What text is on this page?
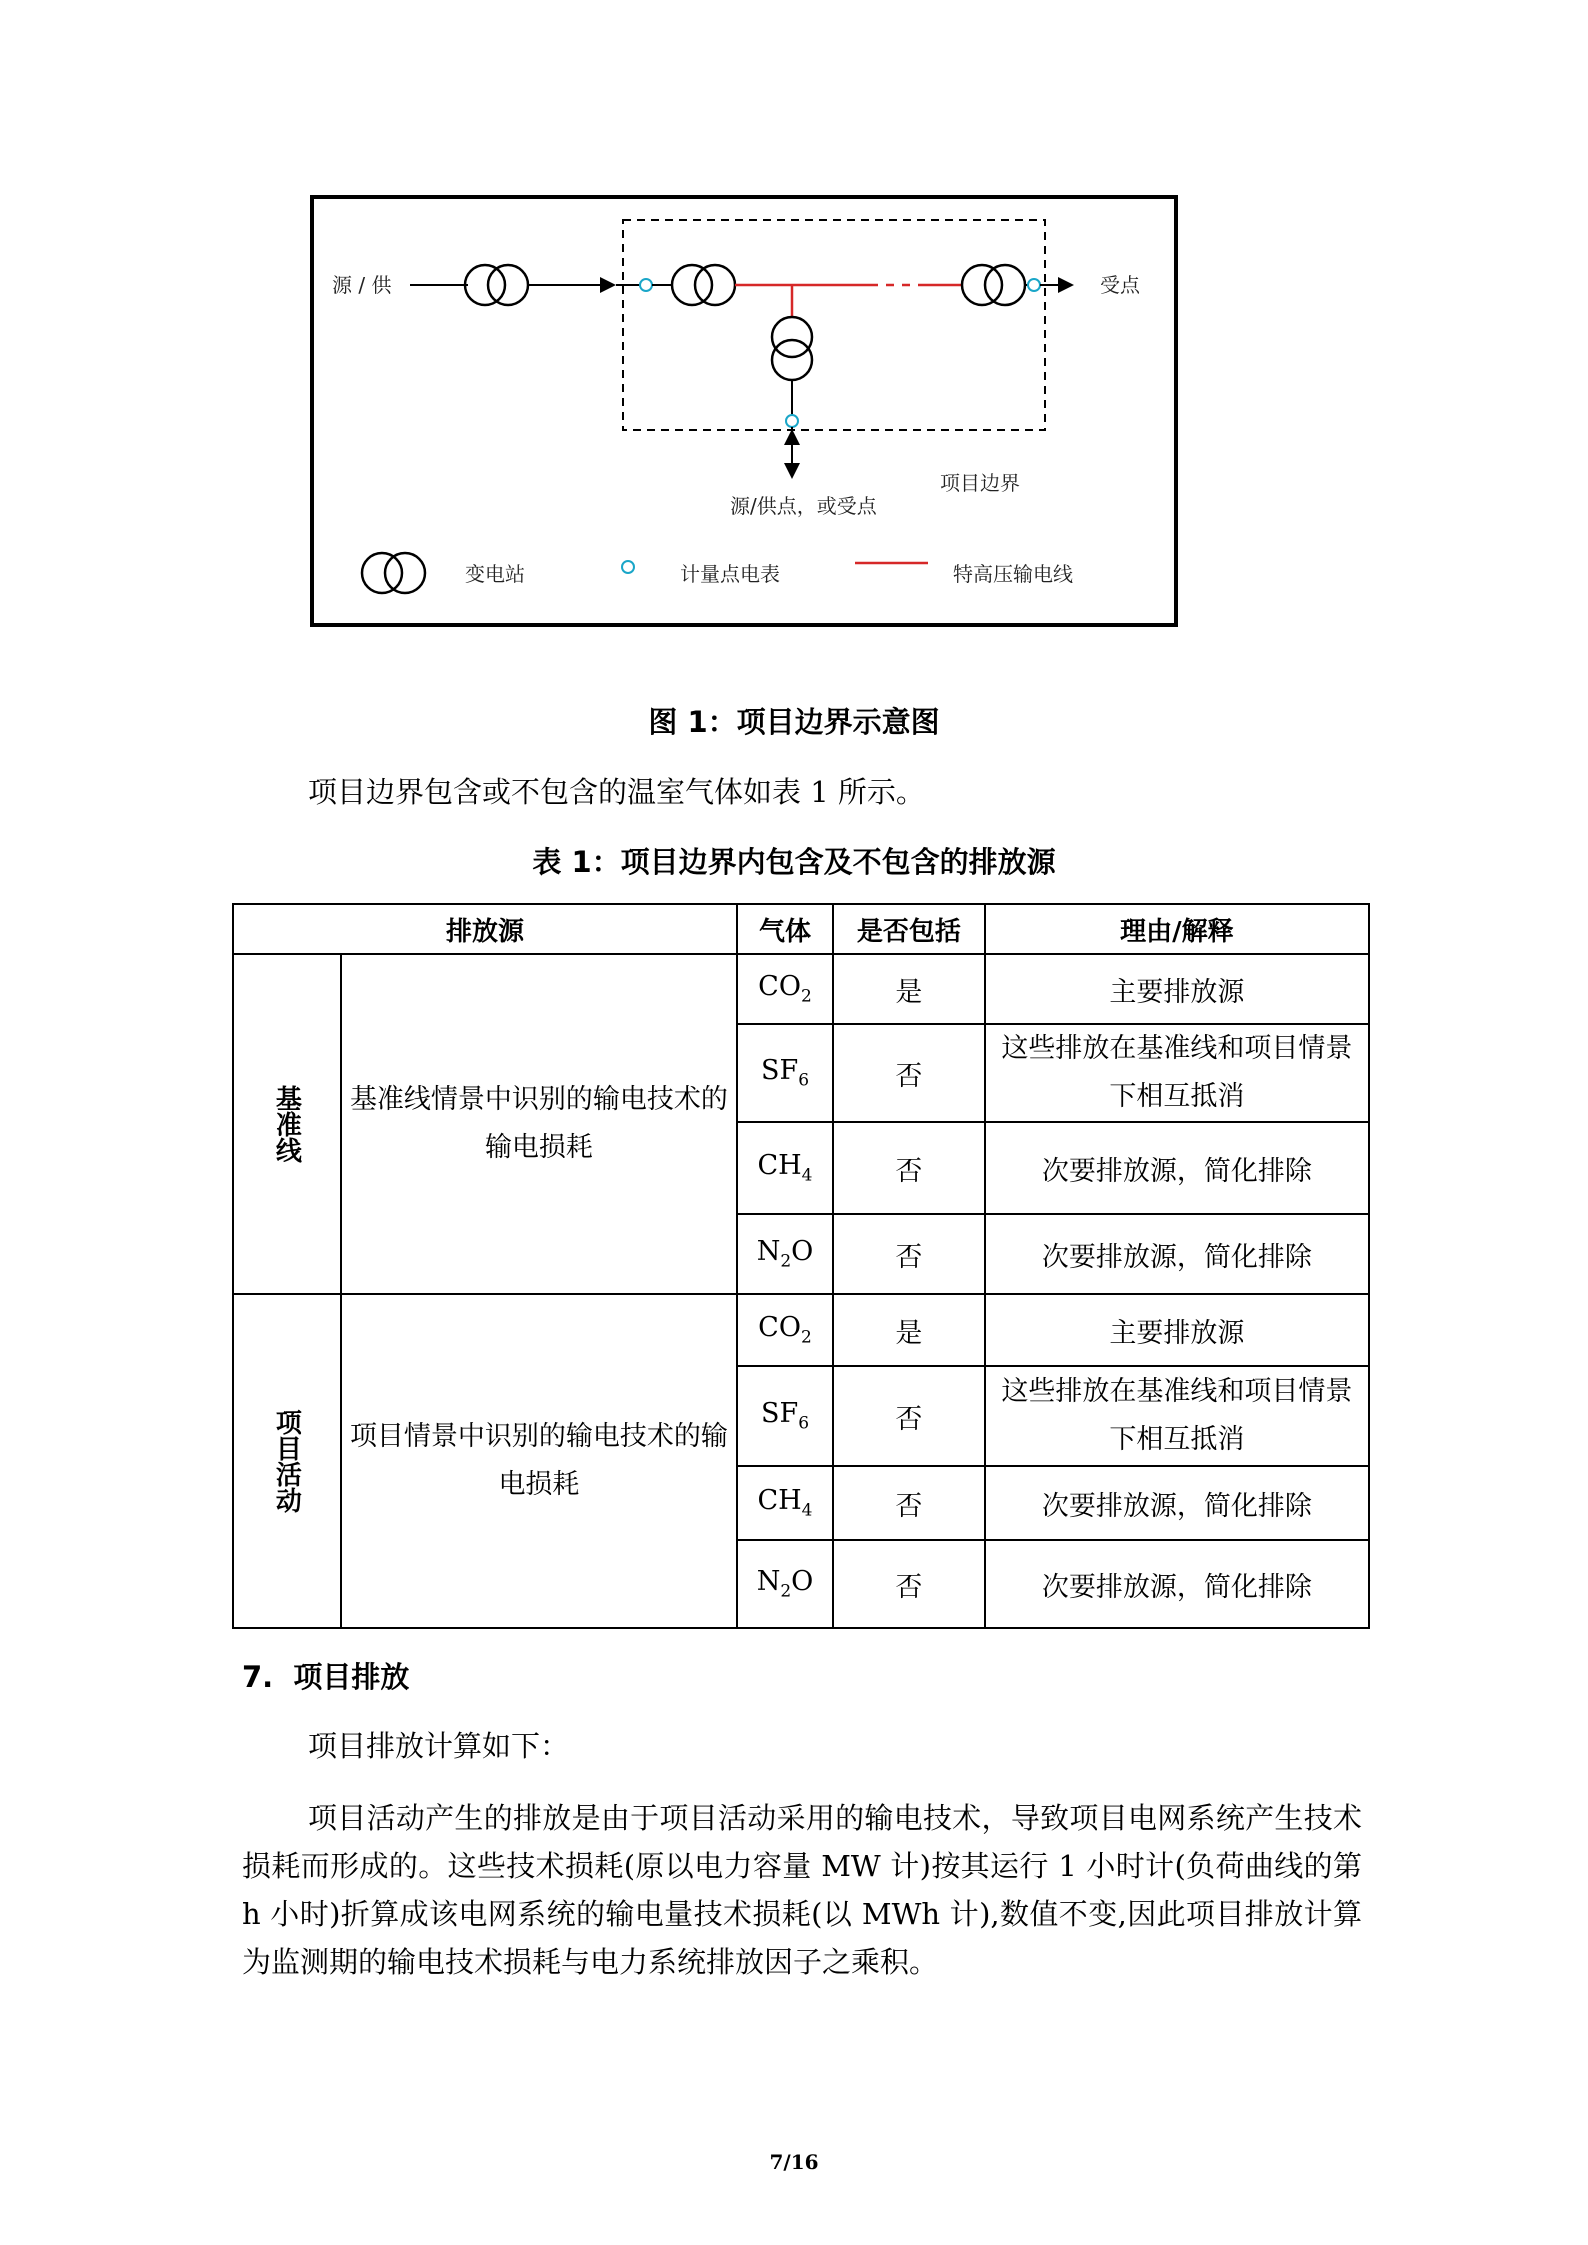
源 / 供	受点
源/供点，或受点
项目边界
变电站	计量点电表	特高压输电线
图 1：项目边界示意图
项目边界包含或不包含的温室气体如表 1 所示。
表 1：项目边界内包含及不包含的排放源
排放源		气体	是否包括	理由/解释

基准线	基准线情景中识别的输电技术的输电损耗	$CO_2$	是	主要排放源
		$SF_6$	否	这些排放在基准线和项目情景下相互抵消
		$CH_4$	否	次要排放源，简化排除
		$N_2O$	否	次要排放源，简化排除

项目活动	项目情景中识别的输电技术的输电损耗	$CO_2$	是	主要排放源
		$SF_6$	否	这些排放在基准线和项目情景下相互抵消
		$CH_4$	否	次要排放源，简化排除
		$N_2O$	否	次要排放源，简化排除
7.  项目排放
项目排放计算如下：
项目活动产生的排放是由于项目活动采用的输电技术，导致项目电网系统产生技术损耗而形成的。这些技术损耗(原以电力容量 MW 计)按其运行 1 小时计(负荷曲线的第 h 小时)折算成该电网系统的输电量技术损耗(以 MWh 计),数值不变,因此项目排放计算为监测期的输电技术损耗与电力系统排放因子之乘积。
7/16
